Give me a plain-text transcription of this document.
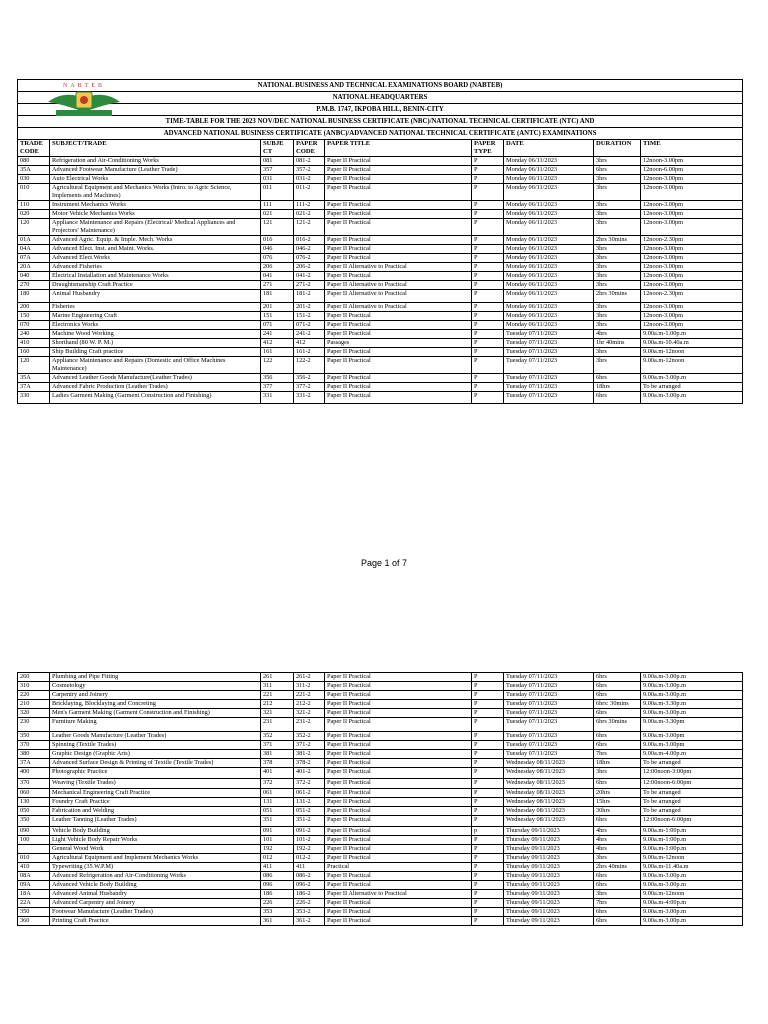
Page 1 of 7
NATIONAL BUSINESS AND TECHNICAL EXAMINATIONS BOARD (NABTEB)								
NATIONAL HEADQUARTERS								
P.M.B. 1747, IKPOBA HILL, BENIN-CITY								
TIME-TABLE FOR THE 2023 NOV/DEC NATIONAL BUSINESS CERTIFICATE (NBC)/NATIONAL TECHNICAL CERTIFICATE (NTC) AND								
ADVANCED NATIONAL BUSINESS CERTIFICATE (ANBC)/ADVANCED NATIONAL TECHNICAL CERTIFICATE (ANTC) EXAMINATIONS								
TRADE CODE	SUBJECT/TRADE	SUBJE CT	PAPER CODE	PAPER TITLE	PAPER TYPE	DATE	DURATION	TIME
080	Refrigeration and Air-Conditioning Works	081	081-2	Paper II Practical	P	Monday 06/11/2023	3hrs	12noon-3.00pm
35A	Advanced Footwear Manufacture (Leather Trade)	357	357-2	Paper II Practical	P	Monday 06/11/2023	6hrs	12noon-6.00pm
030	Auto Electrical Works	031	031-2	Paper II Practical	P	Monday 06/11/2023	3hrs	12noon-3.00pm
010	Agricultural Equipment and Mechanics Works (Intro. to Agric Science, Implements and Machines)	011	011-2	Paper II Practical	P	Monday 06/11/2023	3hrs	12noon-3.00pm
110	Instrument Mechanics Works	111	111-2	Paper II Practical	P	Monday 06/11/2023	3hrs	12noon-3.00pm
020	Motor Vehicle Mechanics Works	021	021-2	Paper II Practical	P	Monday 06/11/2023	3hrs	12noon-3.00pm
120	Appliance Maintenance and Repairs (Electrical/ Medical Appliances and Projectors' Maintenance)	121	121-2	Paper II Practical	P	Monday 06/11/2023	3hrs	12noon-3.00pm
01A	Advanced Agric. Equip. & Imple. Mech. Works	016	016-2	Paper II Practical	P	Monday 06/11/2023	2hrs 30mins	12noon-2.30pm
04A	Advanced Elect. Inst. and Maint. Works.	046	046-2	Paper II Practical	P	Monday 06/11/2023	3hrs	12noon-3.00pm
07A	Advanced Elect.Works	076	076-2	Paper II Practical	P	Monday 06/11/2023	3hrs	12noon-3.00pm
20A	Advanced Fisheries	206	206-2	Paper II Alternative to Practical	P	Monday 06/11/2023	3hrs	12noon-3.00pm
040	Electrical Installation and Maintenance Works	041	041-2	Paper II Practical	P	Monday 06/11/2023	3hrs	12noon-3.00pm
270	Draughtsmanship Craft Practice	271	271-2	Paper II Alternative to Practical	P	Monday 06/11/2023	3hrs	12noon-3.00pm
180	Animal Husbandry	181	181-2	Paper II Alternative to Practical	P	Monday 06/11/2023	2hrs 30mins	12noon-2.30pm
200	Fisheries	201	201-2	Paper II Alternative to Practical	P	Monday 06/11/2023	3hrs	12noon-3.00pm
150	Marine Engineering Craft	151	151-2	Paper II Practical	P	Monday 06/11/2023	3hrs	12noon-3.00pm
070	Electronics Works	071	071-2	Paper II Practical	P	Monday 06/11/2023	3hrs	12noon-3.00pm
240	Machine Wood Working	241	241-2	Paper II Practical	P	Tuesday 07/11/2023	4hrs	9.00a.m-1.00p.m
410	Shorthand (80 W. P. M.)	412	412	Passages	P	Tuesday 07/11/2023	1hr 40mins	9.00a.m-10.40a.m
160	Ship Building Craft practice	161	161-2	Paper II Practical	P	Tuesday 07/11/2023	3hrs	9.00a.m-12noon
120	Appliance Maintenance and Repairs (Domestic and Office Machines Maintenance)	122	122-2	Paper II Practical	P	Tuesday 07/11/2023	3hrs	9.00a.m-12noon
35A	Advanced Leather Goods Manufacture(Leather Trades)	356	356-2	Paper II Practical	P	Tuesday 07/11/2023	6hrs	9.00a.m-3.00p.m
37A	Advanced Fabric Production (Leather Trades)	377	377-2	Paper II Practical	P	Tuesday 07/11/2023	18hrs	To be arranged
330	Ladies Garment Making (Garment Construction and Finishing)	331	331-2	Paper II Practical	P	Tuesday 07/11/2023	6hrs	9.00a.m-3.00p.m
NABTEB
260	Plumbing and Pipe Fitting	261	261-2	Paper II Practical	P	Tuesday 07/11/2023	6hrs	9.00a.m-3.00p.m
310	Cosmetology	311	311-2	Paper II Practical	P	Tuesday 07/11/2023	6hrs	9.00a.m-3.00p.m
220	Carpentry and Joinery	221	221-2	Paper II Practical	P	Tuesday 07/11/2023	6hrs	9.00a.m-3.00p.m
210	Bricklaying, Blocklaying and Concreting	212	212-2	Paper II Practical	P	Tuesday 07/11/2023	6hrs: 30mins	9.00a.m-3.30p.m
320	Men's Garment Making (Garment Construction and Finishing)	321	321-2	Paper II Practical	P	Tuesday 07/11/2023	6hrs	9.00a.m-3.00p.m
230	Furniture Making	231	231-2	Paper II Practical	P	Tuesday 07/11/2023	6hrs 30mins	9.00a.m-3.30pm
350	Leather Goods Manufacture (Leather Trades)	352	352-2	Paper II Practical	P	Tuesday 07/11/2023	6hrs	9.00a.m-3.00pm
370	Spinning (Textile Trades)	371	371-2	Paper II Practical	P	Tuesday 07/11/2023	6hrs	9.00a.m-3.00pm
380	Graphic Design (Graphic Arts)	381	381-2	Paper II Practical	P	Tuesday 07/11/2023	7hrs	9.00a.m-4.00p.m
37A	Advanced Surface Design & Printing of Textile (Textile Trades)	378	378-2	Paper II Practical	P	Wednesday 08/11/2023	18hrs	To be arranged
400	Photographic Practice	401	401-2	Paper II Practical	P	Wednesday 08/11/2023	3hrs	12:00noon-3:00pm
370	Weaving (Textile Trades)	372	372-2	Paper II Practical	P	Wednesday 08/11/2023	6hrs	12:00noon-6:00pm
060	Mechanical Engineering Craft Practice	061	061-2	Paper II Practical	P	Wednesday 08/11/2023	20hrs	To be arranged
130	Foundry Craft Practice	131	131-2	Paper II Practical	P	Wednesday 08/11/2023	15hrs	To be arranged
050	Fabrication and Welding	051	051-2	Paper II Practical	P	Wednesday 08/11/2023	30hrs	To be arranged
350	Leather Tanning (Leather Trades)	351	351-2	Paper II Practical	P	Wednesday 08/11/2023	6hrs	12:00noon-6:00pm
090	Vehicle Body Building	091	091-2	Paper II Practical	p	Thursday 09/11/2023	4hrs	9.00a.m-1:00p.m
100	Light Vehicle Body Repair Works	101	101-2	Paper II Practical	P	Thursday 09/11/2023	4hrs	9.00a.m-1:00p.m
	General Wood Work	192	192-2	Paper II Practical	P	Thursday 09/11/2023	4hrs	9.00a.m-1:00p.m
010	Agricultural Equipment and Implement Mechanics Works	012	012-2	Paper II Practical	P	Thursday 09/11/2023	3hrs	9.00a.m-12noon
410	Typewriting (35 W.P.M)	411	411	Practical	P	Thursday 09/11/2023	2hrs 40mins	9.00a.m-11.40a.m
08A	Advanced Refrigeration and Air-Conditioning Works	086	086-2	Paper II Practical	P	Thursday 09/11/2023	6hrs	9.00a.m-3.00p.m
09A	Advanced Vehicle Body Building	096	096-2	Paper II Practical	P	Thursday 09/11/2023	6hrs	9.00a.m-3.00p.m
18A	Advanced Animal Husbandry	186	186-2	Paper II Alternative to Practical	P	Thursday 09/11/2023	3hrs	9.00a.m-12noon
22A	Advanced Carpentry and Joinery	226	226-2	Paper II Practical	P	Thursday 09/11/2023	7hrs	9.00a.m-4:00p.m
350	Footwear Manufacture (Leather Trades)	353	353-2	Paper II Practical	P	Thursday 09/11/2023	6hrs	9.00a.m-3.00p.m
360	Printing Craft Practice	361	361-2	Paper II Practical	P	Thursday 09/11/2023	6hrs	9.00a.m-3.00p.m
